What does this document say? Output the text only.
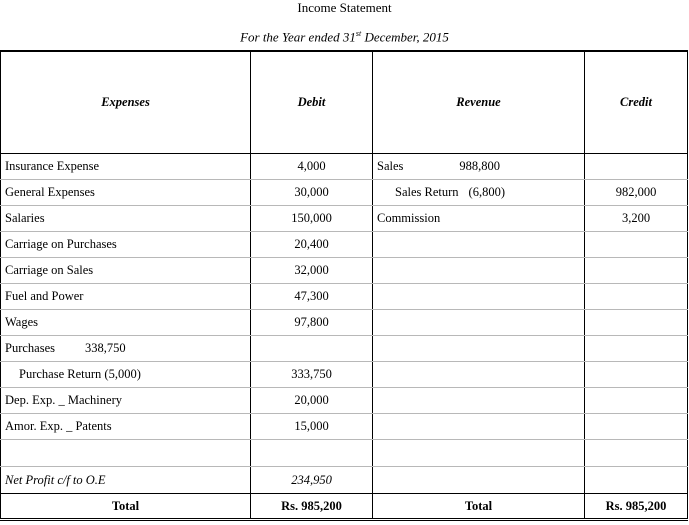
Income Statement
For the Year ended 31st December, 2015
Expenses	Debit	Revenue	Credit
Insurance Expense	4,000	Sales 988,800	
General Expenses	30,000	Sales Return (6,800)	982,000
Salaries	150,000	Commission	3,200
Carriage on Purchases	20,400		
Carriage on Sales	32,000		
Fuel and Power	47,300		
Wages	97,800		
Purchases 338,750			
Purchase Return (5,000)	333,750		
Dep. Exp. _ Machinery	20,000		
Amor. Exp. _ Patents	15,000		

Net Profit c/f to O.E	234,950		
Total	Rs. 985,200	Total	Rs. 985,200
